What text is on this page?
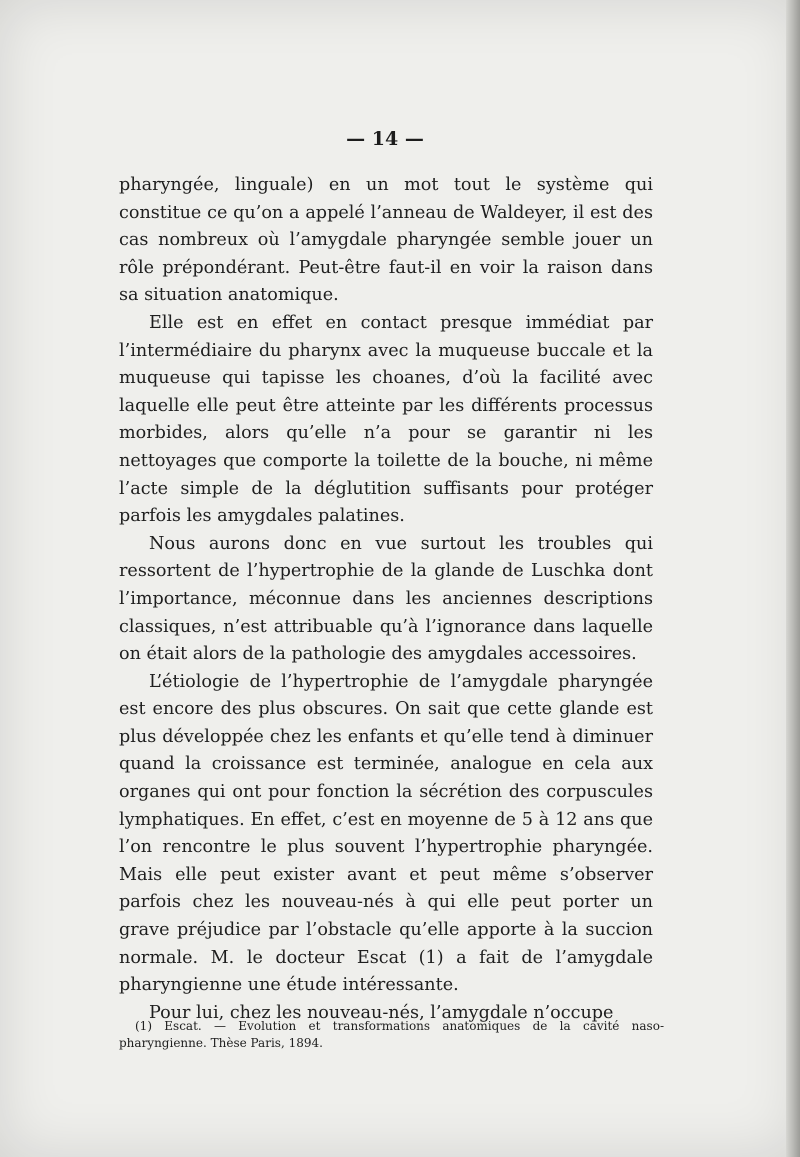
— 14 —

pharyngée, linguale) en un mot tout le système qui constitue ce qu’on a appelé l’anneau de Waldeyer, il est des cas nombreux où l’amygdale pharyngée semble jouer un rôle prépondérant. Peut-être faut-il en voir la raison dans sa situation anatomique.

Elle est en effet en contact presque immédiat par l’intermédiaire du pharynx avec la muqueuse buccale et la muqueuse qui tapisse les choanes, d’où la facilité avec laquelle elle peut être atteinte par les différents processus morbides, alors qu’elle n’a pour se garantir ni les nettoyages que comporte la toilette de la bouche, ni même l’acte simple de la déglutition suffisants pour protéger parfois les amygdales palatines.

Nous aurons donc en vue surtout les troubles qui ressortent de l’hypertrophie de la glande de Luschka dont l’importance, méconnue dans les anciennes descriptions classiques, n’est attribuable qu’à l’ignorance dans laquelle on était alors de la pathologie des amygdales accessoires.

L’étiologie de l’hypertrophie de l’amygdale pharyngée est encore des plus obscures. On sait que cette glande est plus développée chez les enfants et qu’elle tend à diminuer quand la croissance est terminée, analogue en cela aux organes qui ont pour fonction la sécrétion des corpuscules lymphatiques. En effet, c’est en moyenne de 5 à 12 ans que l’on rencontre le plus souvent l’hypertrophie pharyngée. Mais elle peut exister avant et peut même s’observer parfois chez les nouveau-nés à qui elle peut porter un grave préjudice par l’obstacle qu’elle apporte à la succion normale. M. le docteur Escat (1) a fait de l’amygdale pharyngienne une étude intéressante.

Pour lui, chez les nouveau-nés, l’amygdale n’occupe

(1) Escat. — Evolution et transformations anatomiques de la cavité naso-pharyngienne. Thèse Paris, 1894.
